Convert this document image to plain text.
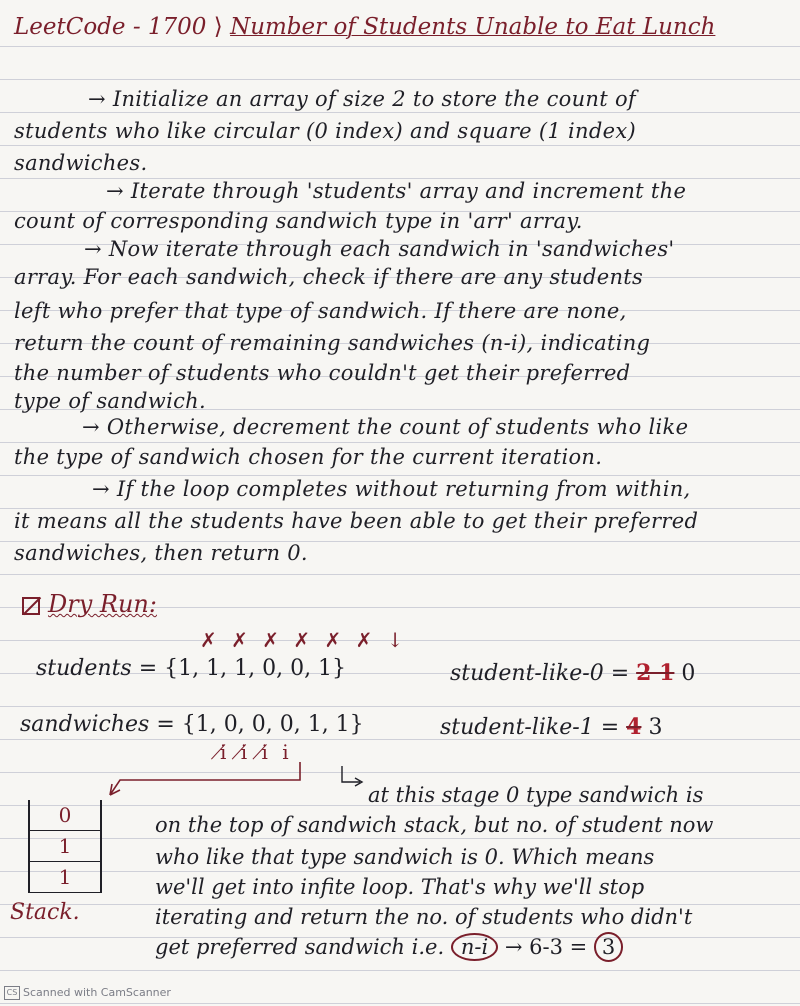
LeetCode - 1700 ⟩ Number of Students Unable to Eat Lunch
→ Initialize an array of size 2 to store the count of
students who like circular (0 index) and square (1 index)
sandwiches.
→ Iterate through 'students' array and increment the
count of corresponding sandwich type in 'arr' array.
→ Now iterate through each sandwich in 'sandwiches'
array. For each sandwich, check if there are any students
left who prefer that type of sandwich. If there are none,
return the count of remaining sandwiches (n-i), indicating
the number of students who couldn't get their preferred
type of sandwich.
→ Otherwise, decrement the count of students who like
the type of sandwich chosen for the current iteration.
→ If the loop completes without returning from within,
it means all the students have been able to get their preferred
sandwiches, then return 0.
Dry Run:
✗ ✗ ✗ ✗ ✗ ✗ ↓
students = {1, 1, 1, 0, 0, 1}	student-like-0 = 2 1 0
sandwiches = {1, 0, 0, 0, 1, 1}	student-like-1 = 4 3
i̸ i̸ i̸ i
0
1
1
Stack.
at this stage 0 type sandwich is
on the top of sandwich stack, but no. of student now
who like that type sandwich is 0. Which means
we'll get into infite loop. That's why we'll stop
iterating and return the no. of students who didn't
get preferred sandwich i.e. n-i → 6-3 = 3
CS Scanned with CamScanner
